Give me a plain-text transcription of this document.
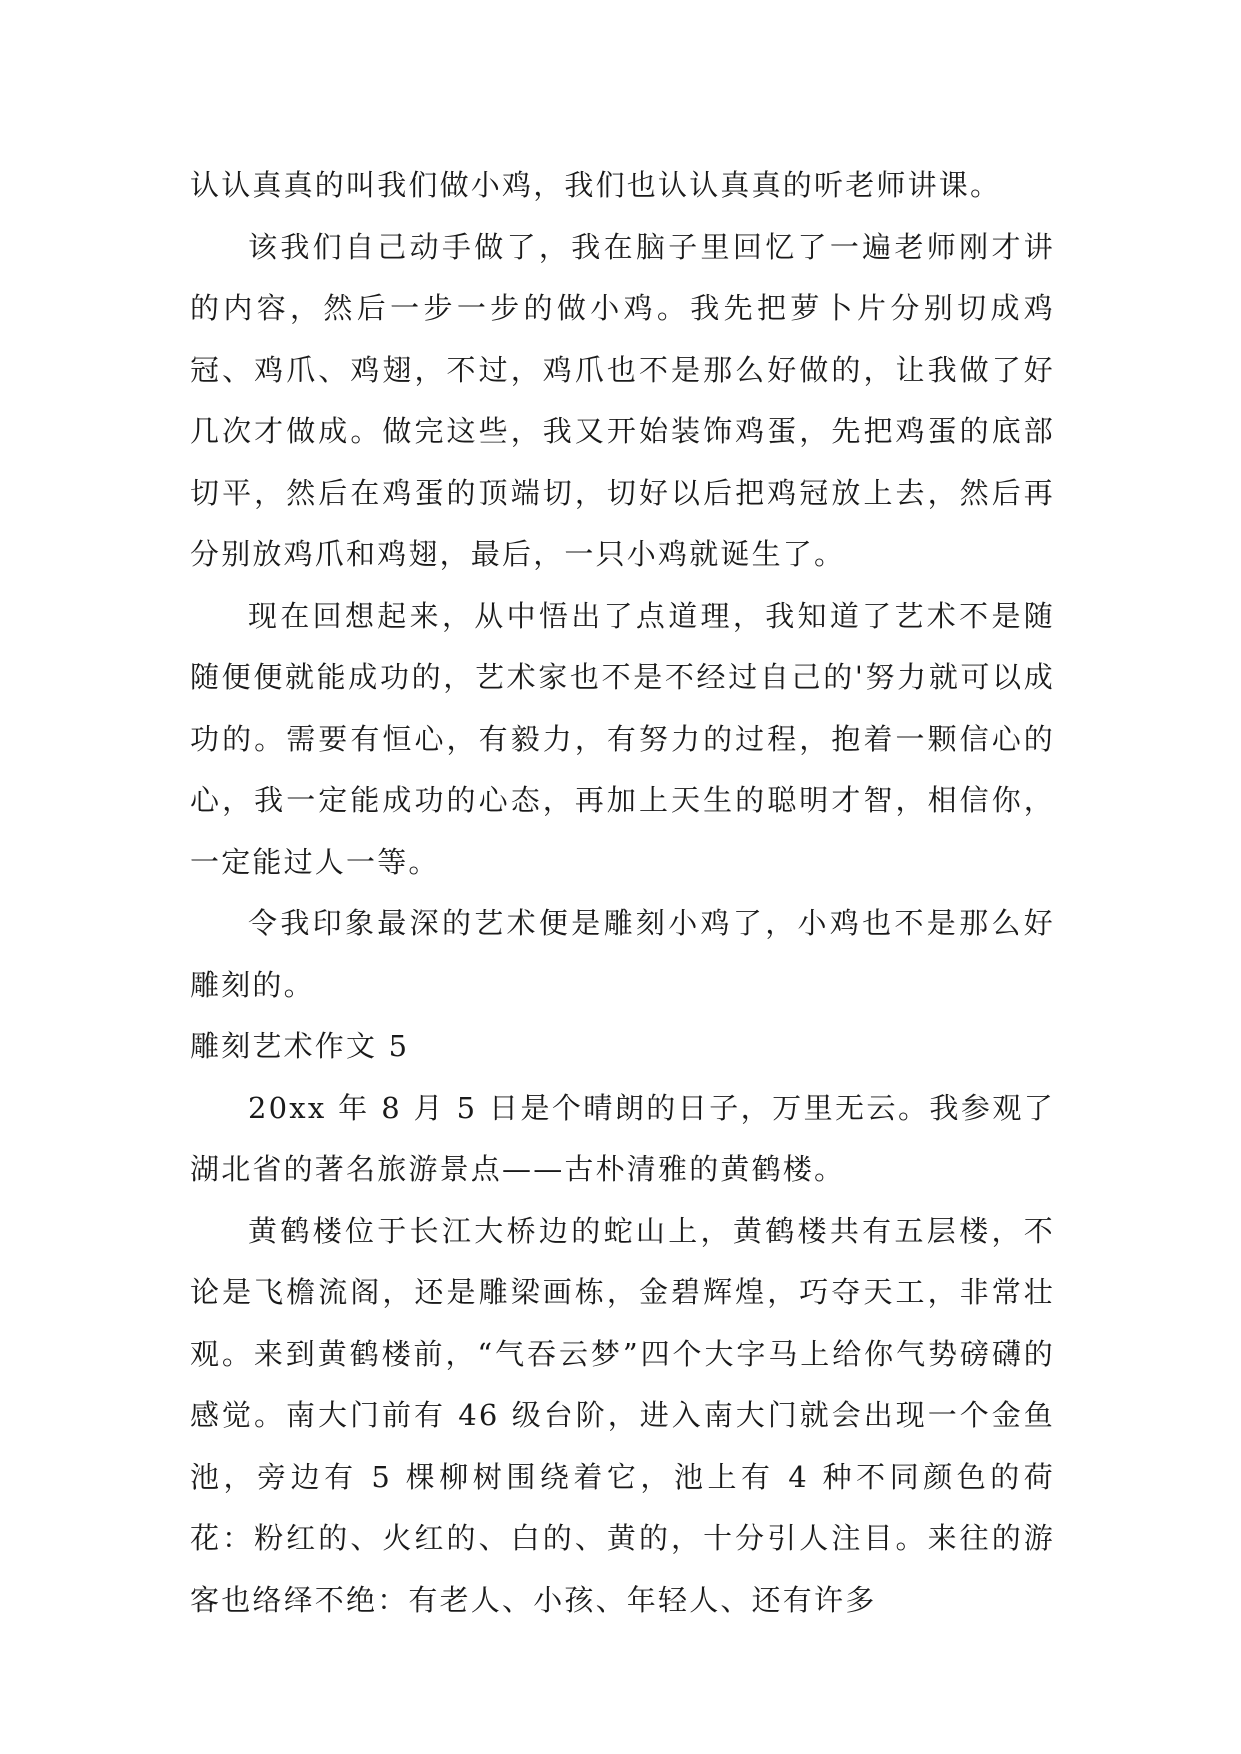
认认真真的叫我们做小鸡，我们也认认真真的听老师讲课。

该我们自己动手做了，我在脑子里回忆了一遍老师刚才讲的内容，然后一步一步的做小鸡。我先把萝卜片分别切成鸡冠、鸡爪、鸡翅，不过，鸡爪也不是那么好做的，让我做了好几次才做成。做完这些，我又开始装饰鸡蛋，先把鸡蛋的底部切平，然后在鸡蛋的顶端切，切好以后把鸡冠放上去，然后再分别放鸡爪和鸡翅，最后，一只小鸡就诞生了。

现在回想起来，从中悟出了点道理，我知道了艺术不是随随便便就能成功的，艺术家也不是不经过自己的'努力就可以成功的。需要有恒心，有毅力，有努力的过程，抱着一颗信心的心，我一定能成功的心态，再加上天生的聪明才智，相信你，一定能过人一等。

令我印象最深的艺术便是雕刻小鸡了，小鸡也不是那么好雕刻的。

雕刻艺术作文 5

20xx 年 8 月 5 日是个晴朗的日子，万里无云。我参观了湖北省的著名旅游景点——古朴清雅的黄鹤楼。

黄鹤楼位于长江大桥边的蛇山上，黄鹤楼共有五层楼，不论是飞檐流阁，还是雕梁画栋，金碧辉煌，巧夺天工，非常壮观。来到黄鹤楼前，“气吞云梦”四个大字马上给你气势磅礴的感觉。南大门前有 46 级台阶，进入南大门就会出现一个金鱼池，旁边有 5 棵柳树围绕着它，池上有 4 种不同颜色的荷花：粉红的、火红的、白的、黄的，十分引人注目。来往的游客也络绎不绝：有老人、小孩、年轻人、还有许多
